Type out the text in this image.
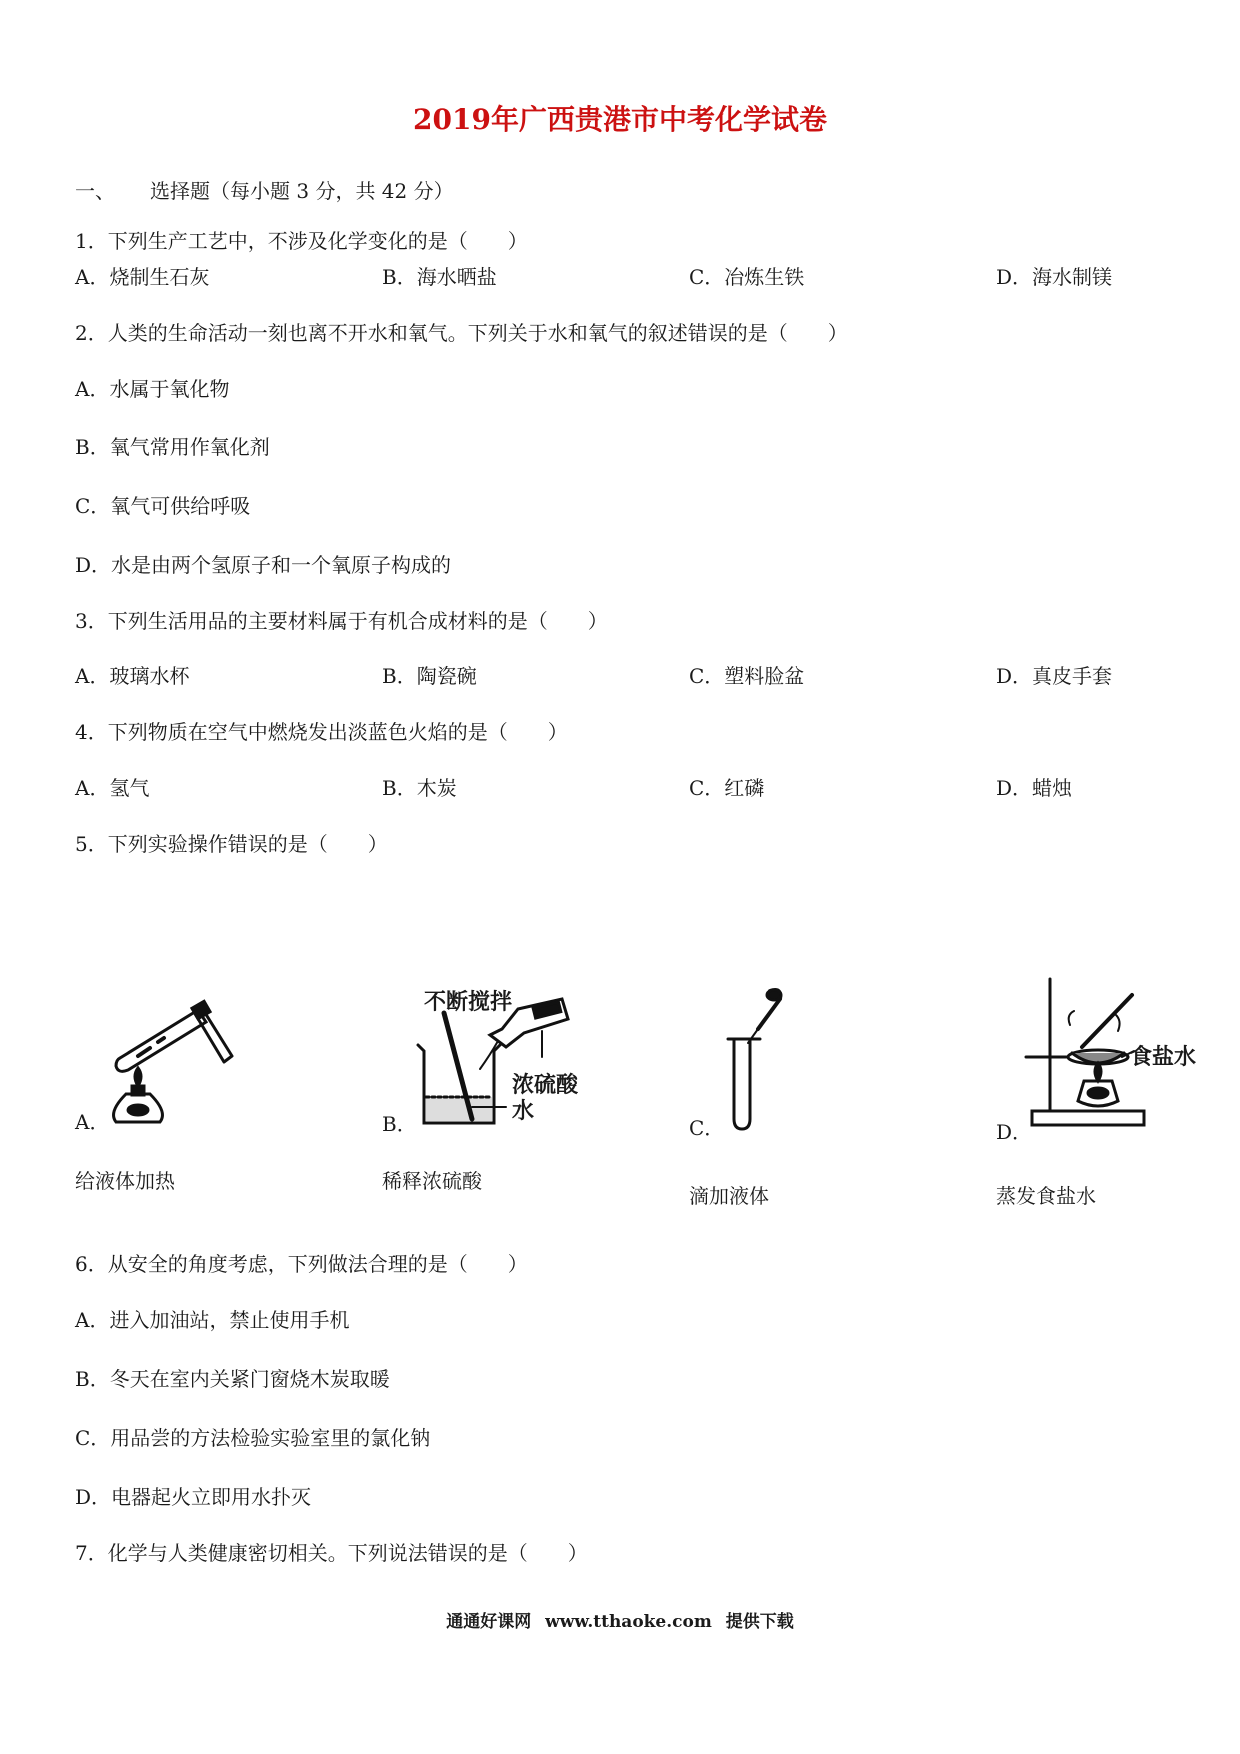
2019年广西贵港市中考化学试卷
一、 选择题（每小题 3 分，共 42 分）
1．下列生产工艺中，不涉及化学变化的是（　　）
A．烧制生石灰	B．海水晒盐	C．冶炼生铁	D．海水制镁
2．人类的生命活动一刻也离不开水和氧气。下列关于水和氧气的叙述错误的是（　　）
A．水属于氧化物
B．氧气常用作氧化剂
C．氧气可供给呼吸
D．水是由两个氢原子和一个氧原子构成的
3．下列生活用品的主要材料属于有机合成材料的是（　　）
A．玻璃水杯	B．陶瓷碗	C．塑料脸盆	D．真皮手套
4．下列物质在空气中燃烧发出淡蓝色火焰的是（　　）
A．氢气	B．木炭	C．红磷	D．蜡烛
5．下列实验操作错误的是（　　）
A．
给液体加热
不断搅拌
浓硫酸
水
B．
稀释浓硫酸
C．
滴加液体
食盐水
D．
蒸发食盐水
6．从安全的角度考虑，下列做法合理的是（　　）
A．进入加油站，禁止使用手机
B．冬天在室内关紧门窗烧木炭取暖
C．用品尝的方法检验实验室里的氯化钠
D．电器起火立即用水扑灭
7．化学与人类健康密切相关。下列说法错误的是（　　）
通通好课网 www.tthaoke.com 提供下载
